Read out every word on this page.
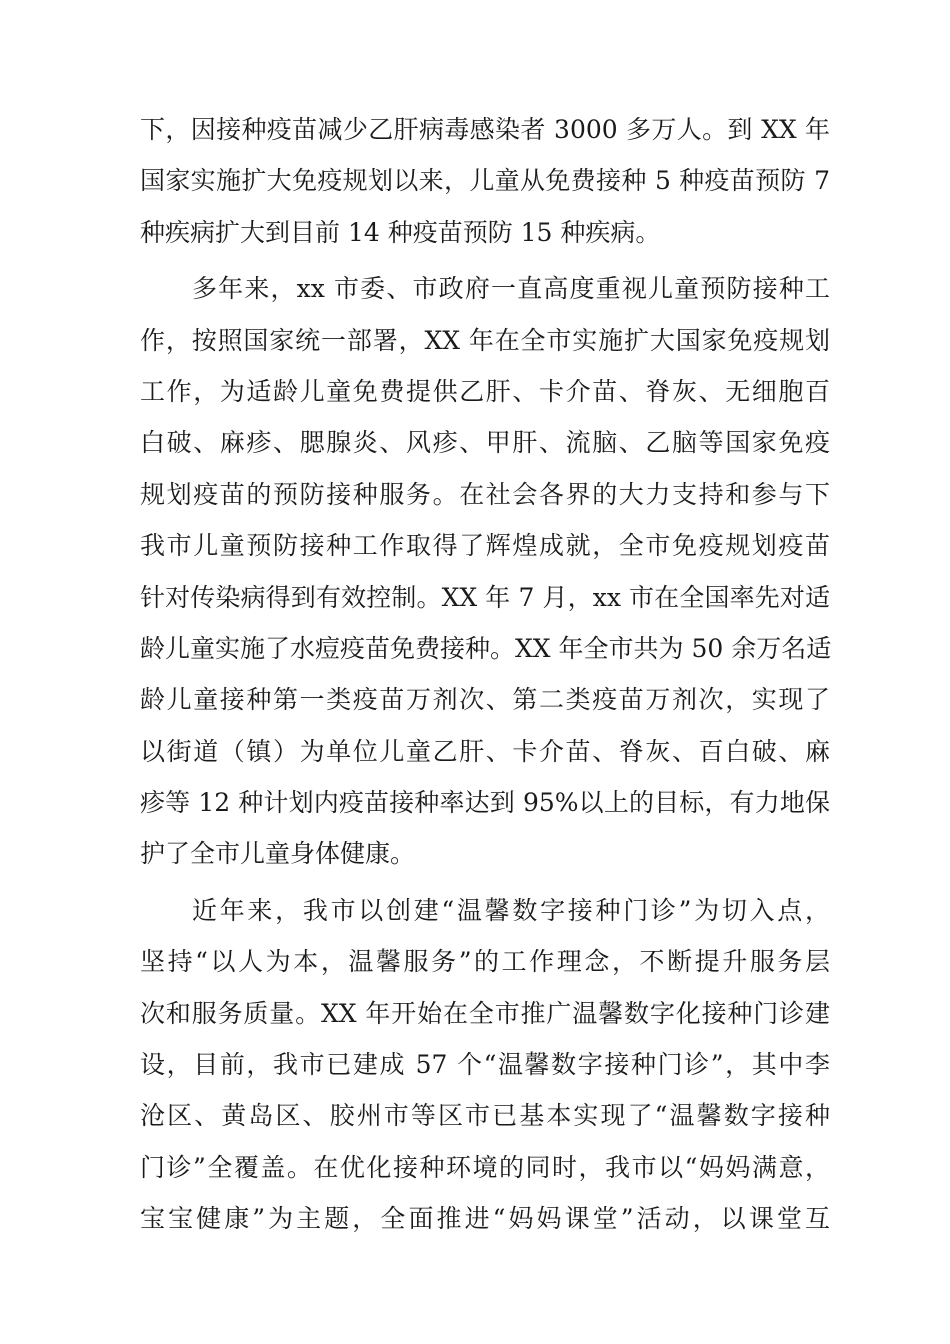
下，因接种疫苗减少乙肝病毒感染者 3000 多万人。到 XX 年
国家实施扩大免疫规划以来，儿童从免费接种 5 种疫苗预防 7
种疾病扩大到目前 14 种疫苗预防 15 种疾病。
多年来，xx 市委、市政府一直高度重视儿童预防接种工
作，按照国家统一部署，XX 年在全市实施扩大国家免疫规划
工作，为适龄儿童免费提供乙肝、卡介苗、脊灰、无细胞百
白破、麻疹、腮腺炎、风疹、甲肝、流脑、乙脑等国家免疫
规划疫苗的预防接种服务。在社会各界的大力支持和参与下
我市儿童预防接种工作取得了辉煌成就，全市免疫规划疫苗
针对传染病得到有效控制。XX 年 7 月，xx 市在全国率先对适
龄儿童实施了水痘疫苗免费接种。XX 年全市共为 50 余万名适
龄儿童接种第一类疫苗万剂次、第二类疫苗万剂次，实现了
以街道（镇）为单位儿童乙肝、卡介苗、脊灰、百白破、麻
疹等 12 种计划内疫苗接种率达到 95%以上的目标，有力地保
护了全市儿童身体健康。
近年来，我市以创建“温馨数字接种门诊”为切入点，
坚持“以人为本，温馨服务”的工作理念，不断提升服务层
次和服务质量。XX 年开始在全市推广温馨数字化接种门诊建
设，目前，我市已建成 57 个“温馨数字接种门诊”，其中李
沧区、黄岛区、胶州市等区市已基本实现了“温馨数字接种
门诊”全覆盖。在优化接种环境的同时，我市以“妈妈满意，
宝宝健康”为主题，全面推进“妈妈课堂”活动，以课堂互
